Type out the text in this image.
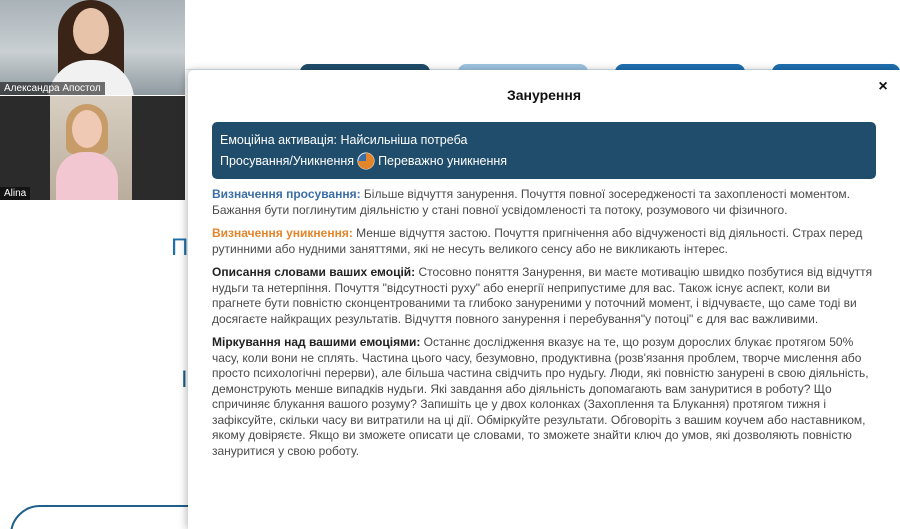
П
I
Александра Апостол
Alina
Занурення	×
Емоційна активація: Найсильніша потреба
Просування/Уникнення Переважно уникнення

Визначення просування: Більше відчуття занурення. Почуття повної зосередженості та захопленості моментом. Бажання бути поглинутим діяльністю у стані повної усвідомленості та потоку, розумового чи фізичного.

Визначення уникнення: Менше відчуття застою. Почуття пригнічення або відчуженості від діяльності. Страх перед рутинними або нудними заняттями, які не несуть великого сенсу або не викликають інтерес.

Описання словами ваших емоцій: Стосовно поняття Занурення, ви маєте мотивацію швидко позбутися від відчуття нудьги та нетерпіння. Почуття "відсутності руху" або енергії неприпустиме для вас. Також існує аспект, коли ви прагнете бути повністю сконцентрованими та глибоко зануреними у поточний момент, і відчуваєте, що саме тоді ви досягаєте найкращих результатів. Відчуття повного занурення і перебування"у потоці" є для вас важливими.

Міркування над вашими емоціями: Останнє дослідження вказує на те, що розум дорослих блукає протягом 50% часу, коли вони не сплять. Частина цього часу, безумовно, продуктивна (розв'язання проблем, творче мислення або просто психологічні перерви), але більша частина свідчить про нудьгу. Люди, які повністю занурені в свою діяльність, демонструють менше випадків нудьги. Які завдання або діяльність допомагають вам зануритися в роботу? Що спричиняє блукання вашого розуму? Запишіть це у двох колонках (Захоплення та Блукання) протягом тижня і зафіксуйте, скільки часу ви витратили на ці дії. Обміркуйте результати. Обговоріть з вашим коучем або наставником, якому довіряєте. Якщо ви зможете описати це словами, то зможете знайти ключ до умов, які дозволяють повністю зануритися у свою роботу.
